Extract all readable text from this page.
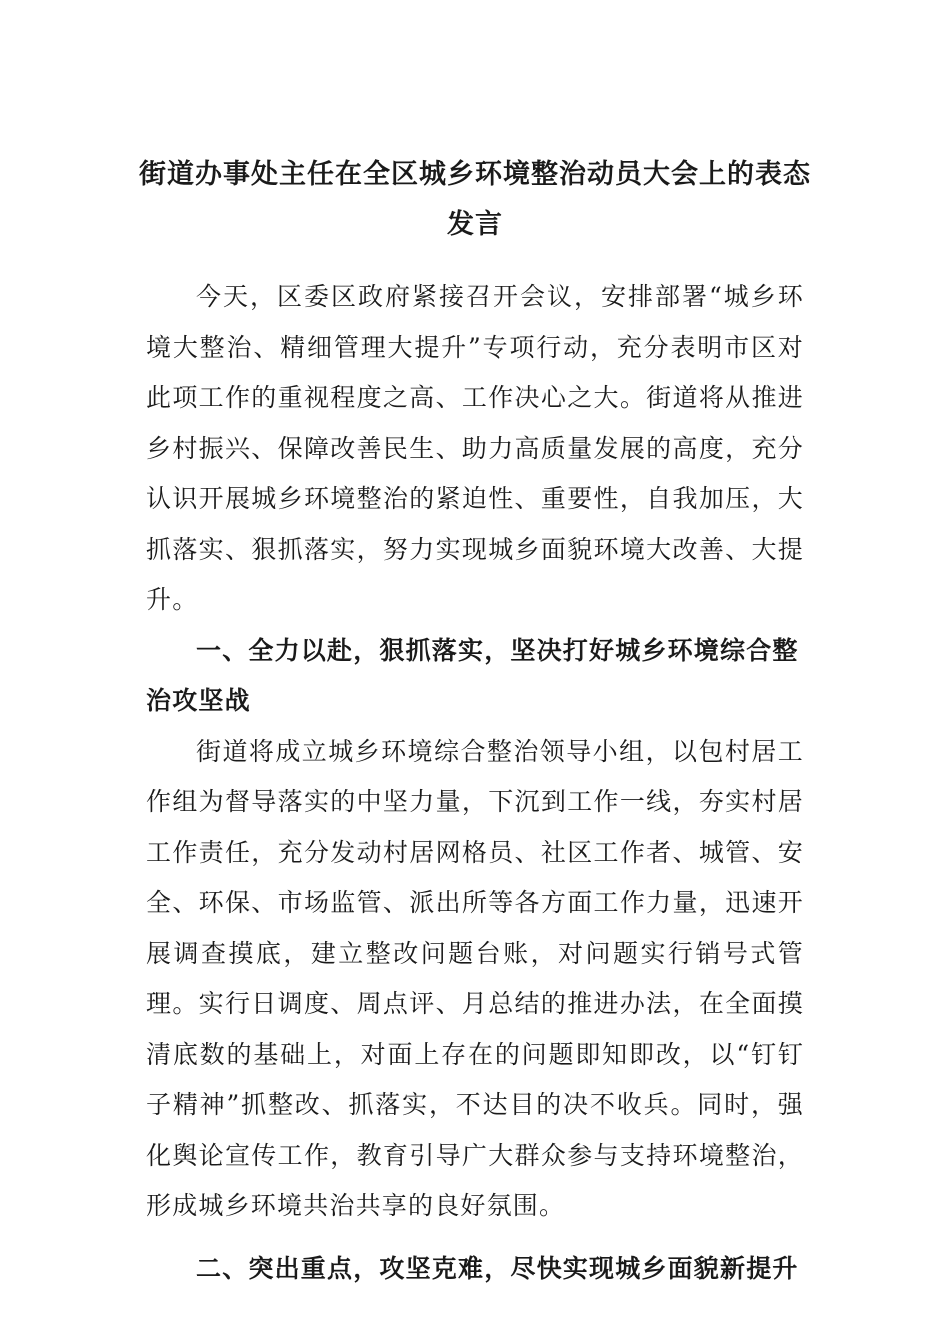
街道办事处主任在全区城乡环境整治动员大会上的表态发言

今天，区委区政府紧接召开会议，安排部署“城乡环境大整治、精细管理大提升”专项行动，充分表明市区对此项工作的重视程度之高、工作决心之大。街道将从推进乡村振兴、保障改善民生、助力高质量发展的高度，充分认识开展城乡环境整治的紧迫性、重要性，自我加压，大抓落实、狠抓落实，努力实现城乡面貌环境大改善、大提升。

一、全力以赴，狠抓落实，坚决打好城乡环境综合整治攻坚战

街道将成立城乡环境综合整治领导小组，以包村居工作组为督导落实的中坚力量，下沉到工作一线，夯实村居工作责任，充分发动村居网格员、社区工作者、城管、安全、环保、市场监管、派出所等各方面工作力量，迅速开展调查摸底，建立整改问题台账，对问题实行销号式管理。实行日调度、周点评、月总结的推进办法，在全面摸清底数的基础上，对面上存在的问题即知即改，以“钉钉子精神”抓整改、抓落实，不达目的决不收兵。同时，强化舆论宣传工作，教育引导广大群众参与支持环境整治，形成城乡环境共治共享的良好氛围。

二、突出重点，攻坚克难，尽快实现城乡面貌新提升
